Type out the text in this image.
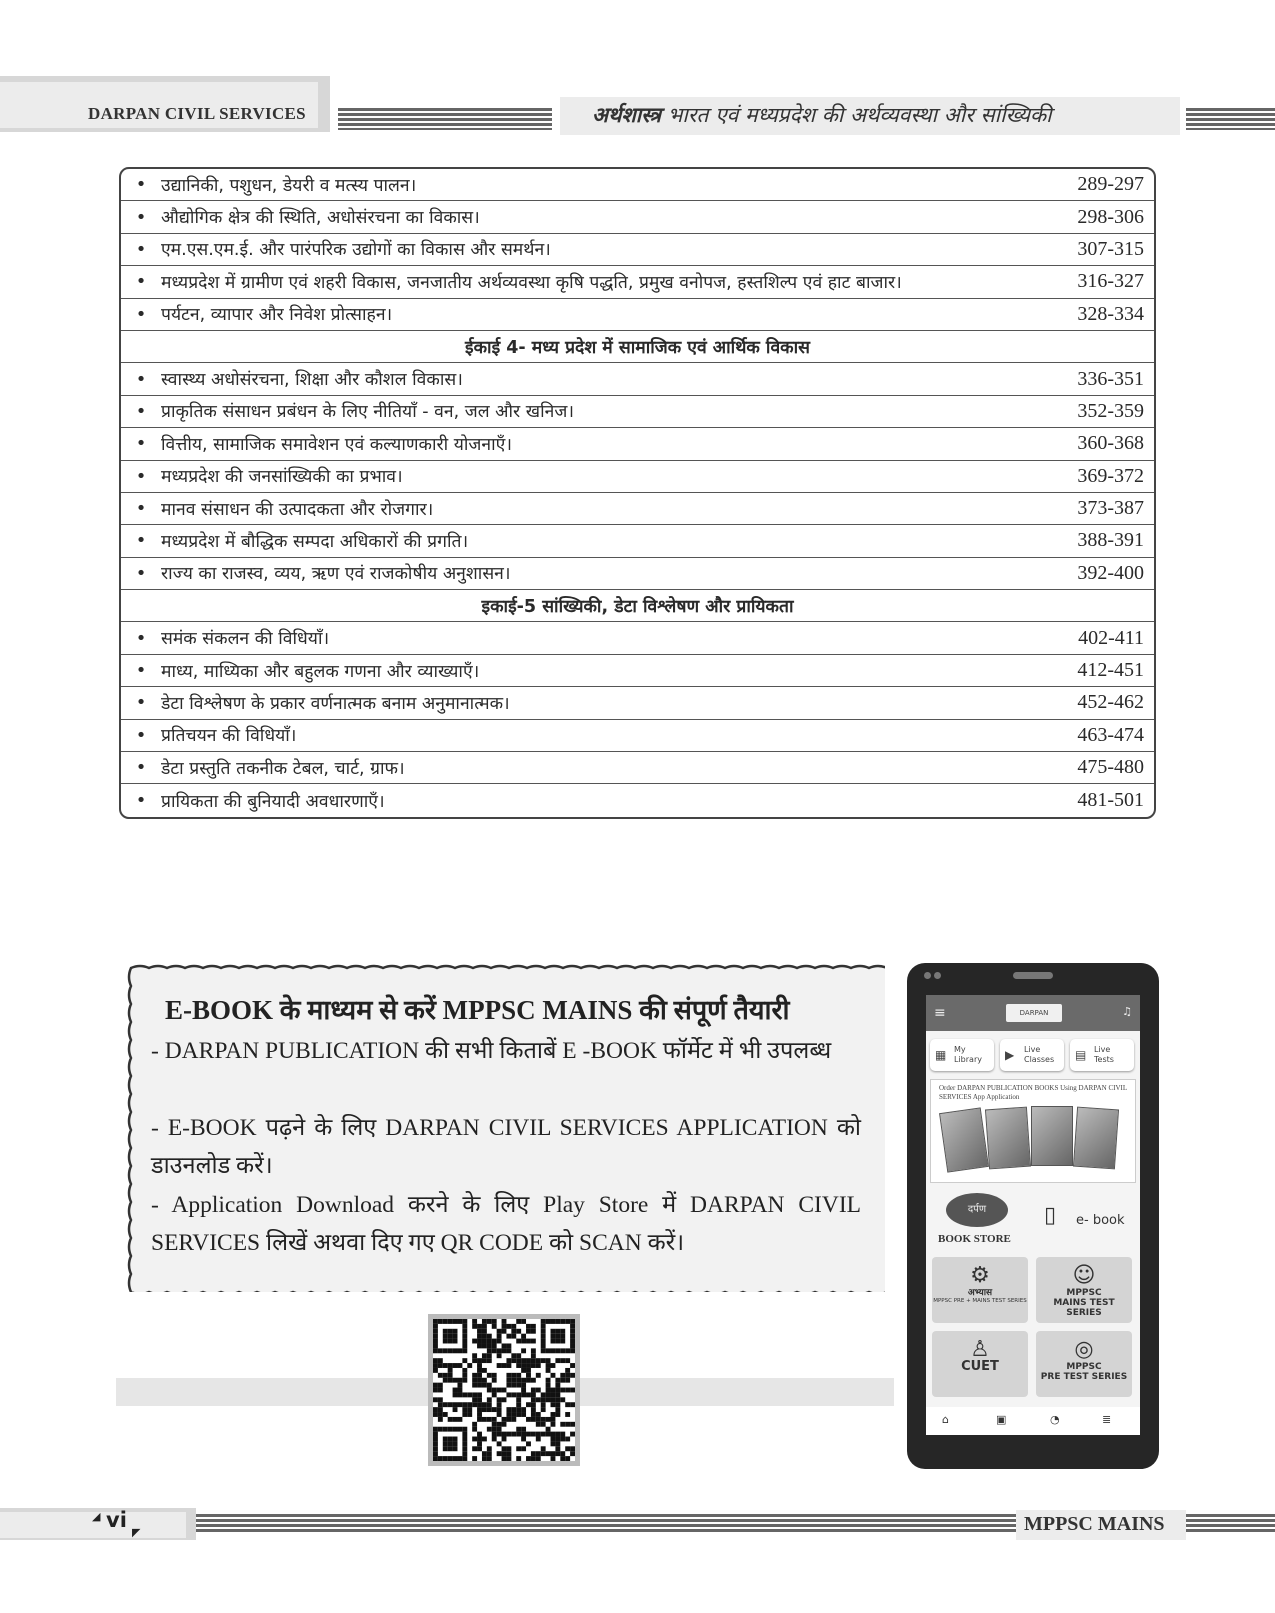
DARPAN CIVIL SERVICES	अर्थशास्त्र भारत एवं मध्यप्रदेश की अर्थव्यवस्था और सांख्यिकी
• उद्यानिकी, पशुधन, डेयरी व मत्स्य पालन।	289-297
• औद्योगिक क्षेत्र की स्थिति, अधोसंरचना का विकास।	298-306
• एम.एस.एम.ई. और पारंपरिक उद्योगों का विकास और समर्थन।	307-315
• मध्यप्रदेश में ग्रामीण एवं शहरी विकास, जनजातीय अर्थव्यवस्था कृषि पद्धति, प्रमुख वनोपज, हस्तशिल्प एवं हाट बाजार।	316-327
• पर्यटन, व्यापार और निवेश प्रोत्साहन।	328-334
ईकाई 4- मध्य प्रदेश में सामाजिक एवं आर्थिक विकास
• स्वास्थ्य अधोसंरचना, शिक्षा और कौशल विकास।	336-351
• प्राकृतिक संसाधन प्रबंधन के लिए नीतियाँ - वन, जल और खनिज।	352-359
• वित्तीय, सामाजिक समावेशन एवं कल्याणकारी योजनाएँ।	360-368
• मध्यप्रदेश की जनसांख्यिकी का प्रभाव।	369-372
• मानव संसाधन की उत्पादकता और रोजगार।	373-387
• मध्यप्रदेश में बौद्धिक सम्पदा अधिकारों की प्रगति।	388-391
• राज्य का राजस्व, व्यय, ऋण एवं राजकोषीय अनुशासन।	392-400
इकाई-5 सांख्यिकी, डेटा विश्लेषण और प्रायिकता
• समंक संकलन की विधियाँ।	402-411
• माध्य, माध्यिका और बहुलक गणना और व्याख्याएँ।	412-451
• डेटा विश्लेषण के प्रकार वर्णनात्मक बनाम अनुमानात्मक।	452-462
• प्रतिचयन की विधियाँ।	463-474
• डेटा प्रस्तुति तकनीक टेबल, चार्ट, ग्राफ।	475-480
• प्रायिकता की बुनियादी अवधारणाएँ।	481-501
E-BOOK के माध्यम से करें MPPSC MAINS की संपूर्ण तैयारी
- DARPAN PUBLICATION की सभी किताबें E -BOOK फॉर्मेट में भी उपलब्ध
- E-BOOK पढ़ने के लिए DARPAN CIVIL SERVICES APPLICATION को डाउनलोड करें।
- Application Download करने के लिए Play Store में DARPAN CIVIL SERVICES लिखें अथवा दिए गए QR CODE को SCAN करें।
≡	DARPAN	♫
▦ My
Library ▶ Live
Classes ▤ Live
Tests
Order DARPAN PUBLICATION BOOKS Using DARPAN CIVIL SERVICES App Application
दर्पण
BOOK STORE
▯ e- book
⚙
अभ्यास
MPPSC PRE + MAINS TEST SERIES
☺
MPPSC
MAINS TEST SERIES
♙
CUET
◎
MPPSC
PRE TEST SERIES
⌂	▣	◔	≣
◢ vi
◤	MPPSC MAINS
